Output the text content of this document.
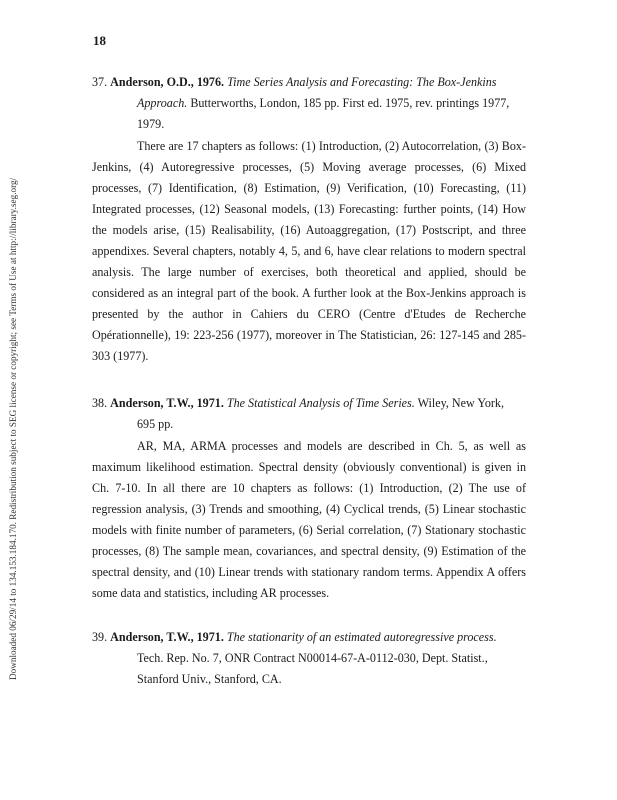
18
Downloaded 06/29/14 to 134.153.184.170. Redistribution subject to SEG license or copyright; see Terms of Use at http://library.seg.org/

37. Anderson, O.D., 1976. Time Series Analysis and Forecasting: The Box-Jenkins

Approach. Butterworths, London, 185 pp. First ed. 1975, rev. printings 1977,

1979.

There are 17 chapters as follows: (1) Introduction, (2) Autocorrelation, (3) Box-Jenkins, (4) Autoregressive processes, (5) Moving average processes, (6) Mixed processes, (7) Identification, (8) Estimation, (9) Verification, (10) Forecasting, (11) Integrated processes, (12) Seasonal models, (13) Forecasting: further points, (14) How the models arise, (15) Realisability, (16) Autoaggregation, (17) Postscript, and three appendixes. Several chapters, notably 4, 5, and 6, have clear relations to modern spectral analysis. The large number of exercises, both theoretical and applied, should be considered as an integral part of the book. A further look at the Box-Jenkins approach is presented by the author in Cahiers du CERO (Centre d'Etudes de Recherche Opérationnelle), 19: 223-256 (1977), moreover in The Statistician, 26: 127-145 and 285-303 (1977).

38. Anderson, T.W., 1971. The Statistical Analysis of Time Series. Wiley, New York,

695 pp.

AR, MA, ARMA processes and models are described in Ch. 5, as well as maximum likelihood estimation. Spectral density (obviously conventional) is given in Ch. 7-10. In all there are 10 chapters as follows: (1) Introduction, (2) The use of regression analysis, (3) Trends and smoothing, (4) Cyclical trends, (5) Linear stochastic models with finite number of parameters, (6) Serial correlation, (7) Stationary stochastic processes, (8) The sample mean, covariances, and spectral density, (9) Estimation of the spectral density, and (10) Linear trends with stationary random terms. Appendix A offers some data and statistics, including AR processes.

39. Anderson, T.W., 1971. The stationarity of an estimated autoregressive process.

Tech. Rep. No. 7, ONR Contract N00014-67-A-0112-030, Dept. Statist.,

Stanford Univ., Stanford, CA.
